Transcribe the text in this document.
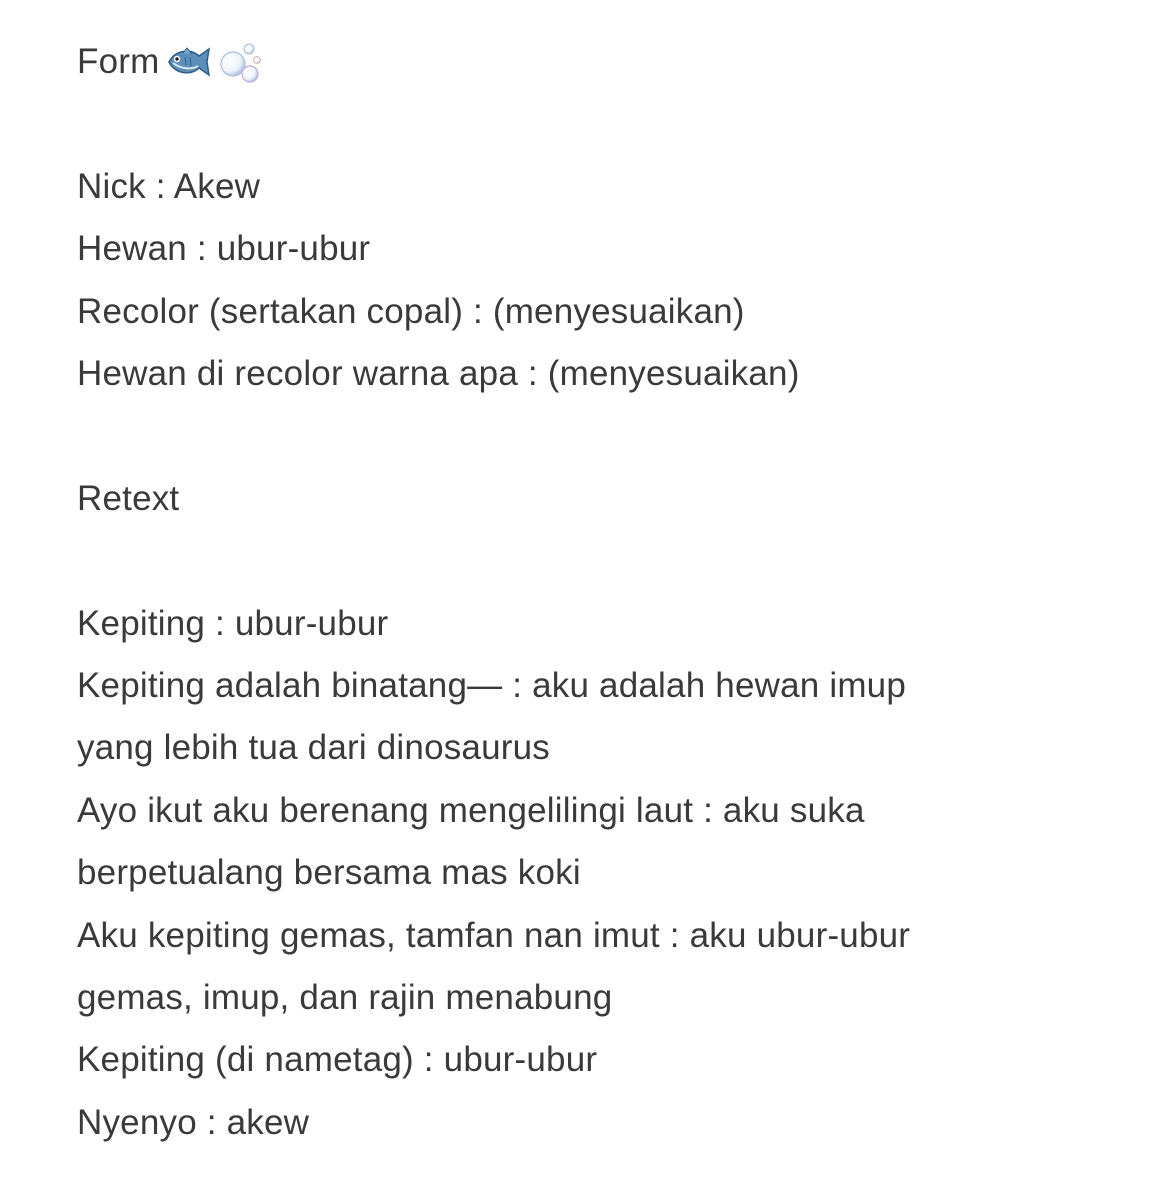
Form
Nick : Akew
Hewan : ubur-ubur
Recolor (sertakan copal) : (menyesuaikan)
Hewan di recolor warna apa : (menyesuaikan)
Retext
Kepiting : ubur-ubur
Kepiting adalah binatang— : aku adalah hewan imup
yang lebih tua dari dinosaurus
Ayo ikut aku berenang mengelilingi laut : aku suka
berpetualang bersama mas koki
Aku kepiting gemas, tamfan nan imut : aku ubur-ubur
gemas, imup, dan rajin menabung
Kepiting (di nametag) : ubur-ubur
Nyenyo : akew
